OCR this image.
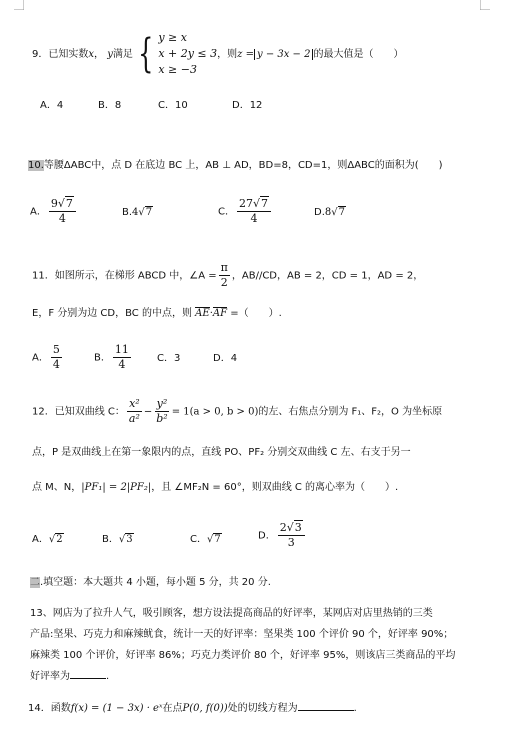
9．已知实数x， y满足 { y ≥ x
x + 2y ≤ 3
x ≥ −3
，则z = y − 3x − 2 的最大值是（　　）
A．4	B．8	C．10	D．12
10.等腰ΔABC中，点 D 在底边 BC 上，AB ⊥ AD，BD=8，CD=1，则ΔABC的面积为(　　)
A． $\frac{9√7}{4}$	B.4√7	C． $\frac{27√7}{4}$	D.8√7
11．如图所示，在梯形 ABCD 中，∠A = $\frac{\pi}{2}$ ，AB//CD，AB = 2，CD = 1，AD = 2，
E，F 分别为边 CD，BC 的中点，则 AE·AF =（　　）.
A． $\frac{5}{4}$	B． $\frac{11}{4}$	C．3	D．4
12．已知双曲线 C： $\frac{\text{x²}}{\text{a²}} - \frac{\text{y²}}{\text{b²}} = 1(a > 0$, b > 0)的左、右焦点分别为 F₁、F₂，O 为坐标原
点，P 是双曲线上在第一象限内的点，直线 PO、PF₂ 分别交双曲线 C 左、右支于另一
点 M、N，|PF₁| = 2|PF₂|，且 ∠MF₂N = 60°，则双曲线 C 的离心率为（　　）.
A．√2	B．√3	C．√7	D． $\frac{2√3}{3}$
二.填空题：本大题共 4 小题，每小题 5 分，共 20 分.
13、网店为了拉升人气，吸引顾客，想方设法提高商品的好评率，某网店对店里热销的三类
产品:坚果、巧克力和麻辣鱿食，统计一天的好评率：坚果类 100 个评价 90 个，好评率 90%；
麻辣类 100 个评价，好评率 86%；巧克力类评价 80 个，好评率 95%，则该店三类商品的平均
好评率为	.
14．函数f(x) = (1 − 3x) · eˣ在点P(0, f(0))处的切线方程为	.
